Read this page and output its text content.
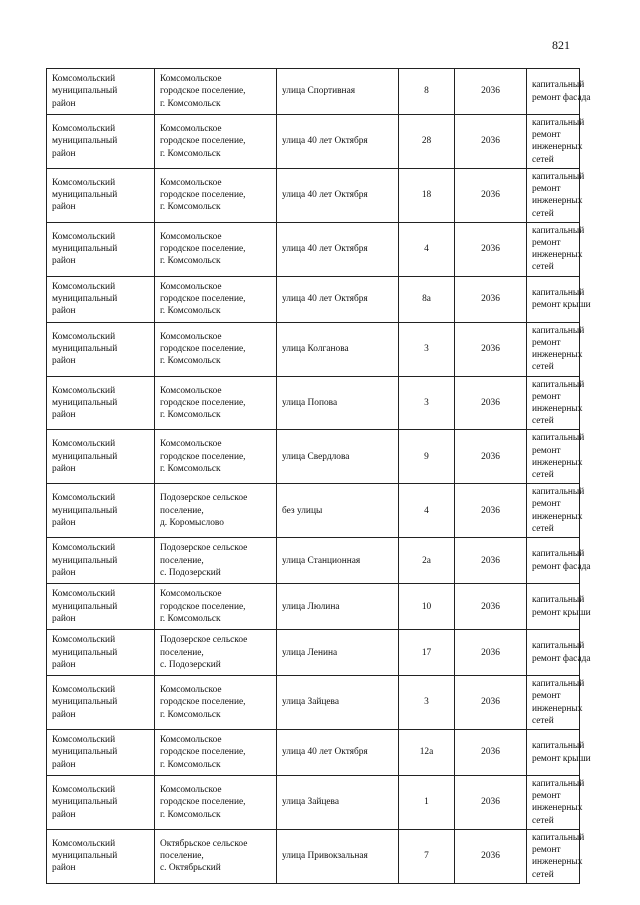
821
Комсомольский
муниципальный
район	Комсомольское
городское поселение,
г. Комсомольск	улица Спортивная	8	2036	капитальный
ремонт фасада

Комсомольский
муниципальный
район	Комсомольское
городское поселение,
г. Комсомольск	улица 40 лет Октября	28	2036	капитальный
ремонт
инженерных
сетей

Комсомольский
муниципальный
район	Комсомольское
городское поселение,
г. Комсомольск	улица 40 лет Октября	18	2036	капитальный
ремонт
инженерных
сетей

Комсомольский
муниципальный
район	Комсомольское
городское поселение,
г. Комсомольск	улица 40 лет Октября	4	2036	капитальный
ремонт
инженерных
сетей

Комсомольский
муниципальный
район	Комсомольское
городское поселение,
г. Комсомольск	улица 40 лет Октября	8а	2036	капитальный
ремонт крыши

Комсомольский
муниципальный
район	Комсомольское
городское поселение,
г. Комсомольск	улица Колганова	3	2036	капитальный
ремонт
инженерных
сетей

Комсомольский
муниципальный
район	Комсомольское
городское поселение,
г. Комсомольск	улица Попова	3	2036	капитальный
ремонт
инженерных
сетей

Комсомольский
муниципальный
район	Комсомольское
городское поселение,
г. Комсомольск	улица Свердлова	9	2036	капитальный
ремонт
инженерных
сетей

Комсомольский
муниципальный
район	Подозерское сельское
поселение,
д. Коромыслово	без улицы	4	2036	капитальный
ремонт
инженерных
сетей

Комсомольский
муниципальный
район	Подозерское сельское
поселение,
с. Подозерский	улица Станционная	2а	2036	капитальный
ремонт фасада

Комсомольский
муниципальный
район	Комсомольское
городское поселение,
г. Комсомольск	улица Люлина	10	2036	капитальный
ремонт крыши

Комсомольский
муниципальный
район	Подозерское сельское
поселение,
с. Подозерский	улица Ленина	17	2036	капитальный
ремонт фасада

Комсомольский
муниципальный
район	Комсомольское
городское поселение,
г. Комсомольск	улица Зайцева	3	2036	капитальный
ремонт
инженерных
сетей

Комсомольский
муниципальный
район	Комсомольское
городское поселение,
г. Комсомольск	улица 40 лет Октября	12а	2036	капитальный
ремонт крыши

Комсомольский
муниципальный
район	Комсомольское
городское поселение,
г. Комсомольск	улица Зайцева	1	2036	капитальный
ремонт
инженерных
сетей

Комсомольский
муниципальный
район	Октябрьское сельское
поселение,
с. Октябрьский	улица Привокзальная	7	2036	капитальный
ремонт
инженерных
сетей
